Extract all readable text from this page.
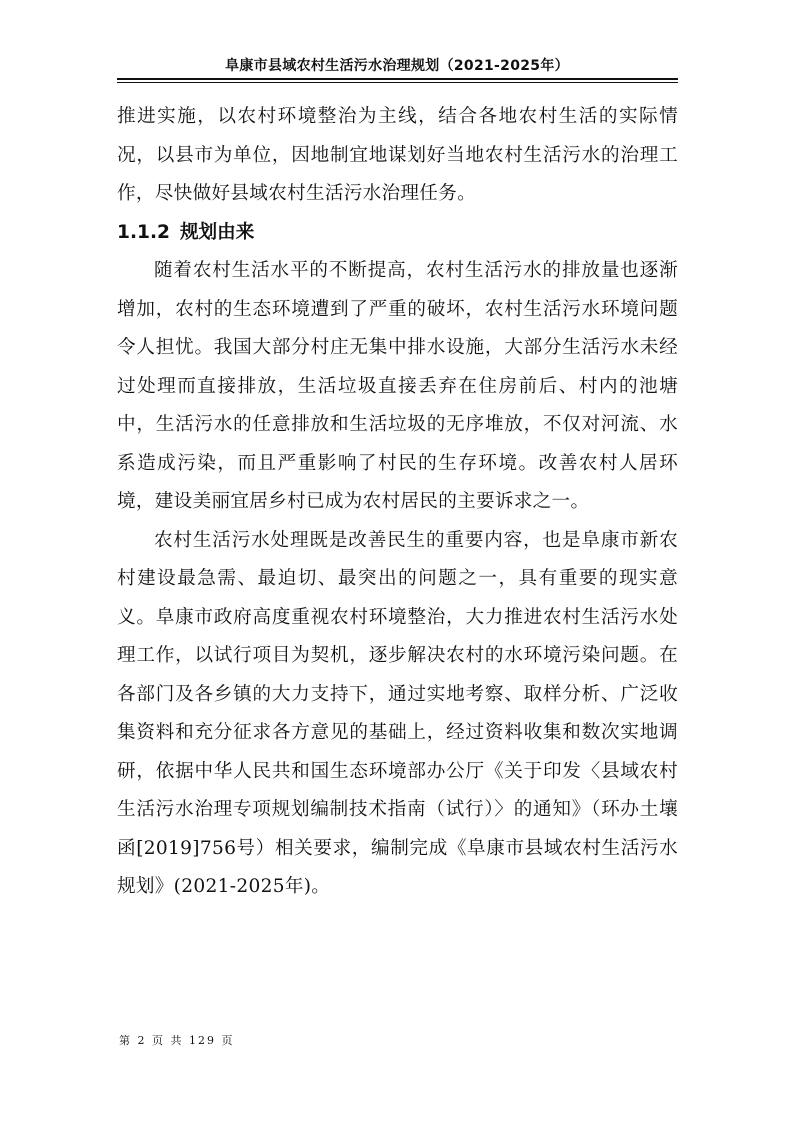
阜康市县域农村生活污水治理规划（2021-2025年）

推进实施，以农村环境整治为主线，结合各地农村生活的实际情况，以县市为单位，因地制宜地谋划好当地农村生活污水的治理工作，尽快做好县域农村生活污水治理任务。

1.1.2 规划由来

随着农村生活水平的不断提高，农村生活污水的排放量也逐渐增加，农村的生态环境遭到了严重的破坏，农村生活污水环境问题令人担忧。我国大部分村庄无集中排水设施，大部分生活污水未经过处理而直接排放，生活垃圾直接丢弃在住房前后、村内的池塘中，生活污水的任意排放和生活垃圾的无序堆放，不仅对河流、水系造成污染，而且严重影响了村民的生存环境。改善农村人居环境，建设美丽宜居乡村已成为农村居民的主要诉求之一。

农村生活污水处理既是改善民生的重要内容，也是阜康市新农村建设最急需、最迫切、最突出的问题之一，具有重要的现实意义。阜康市政府高度重视农村环境整治，大力推进农村生活污水处理工作，以试行项目为契机，逐步解决农村的水环境污染问题。在各部门及各乡镇的大力支持下，通过实地考察、取样分析、广泛收集资料和充分征求各方意见的基础上，经过资料收集和数次实地调研，依据中华人民共和国生态环境部办公厅《关于印发〈县域农村生活污水治理专项规划编制技术指南（试行）〉的通知》（环办土壤函[2019]756号）相关要求，编制完成《阜康市县域农村生活污水规划》(2021-2025年)。

第 2 页 共 129 页
